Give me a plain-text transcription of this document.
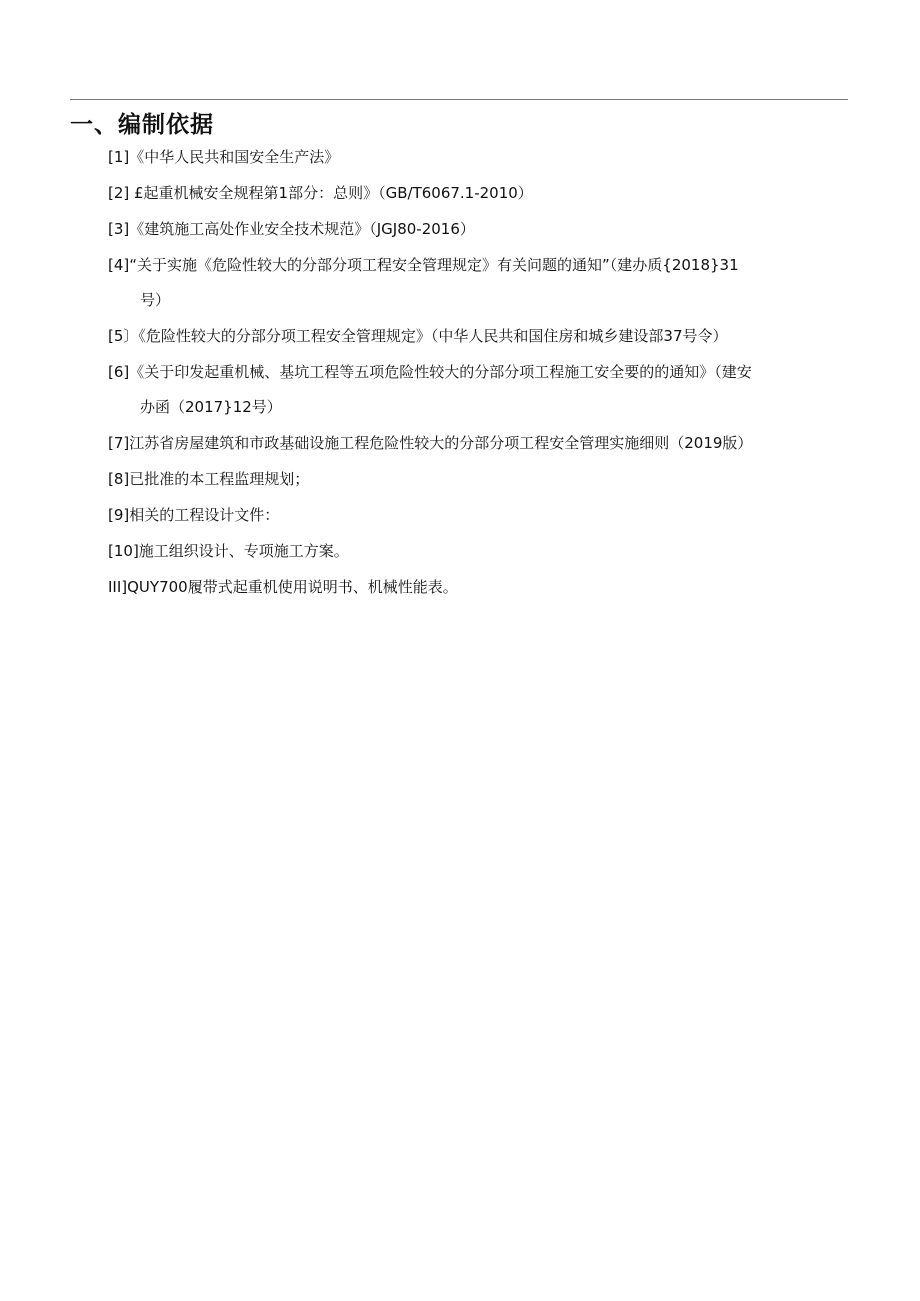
一、编制依据
[1]《中华人民共和国安全生产法》
[2] £起重机械安全规程第1部分：总则》（GB/T6067.1-2010）
[3]《建筑施工高处作业安全技术规范》（JGJ80-2016）
[4]“关于实施《危险性较大的分部分项工程安全管理规定》有关问题的通知”（建办质{2018}31
号）
[5〕《危险性较大的分部分项工程安全管理规定》（中华人民共和国住房和城乡建设部37号令）
[6]《关于印发起重机械、基坑工程等五项危险性较大的分部分项工程施工安全要的的通知》（建安
办函（2017}12号）
[7]江苏省房屋建筑和市政基础设施工程危险性较大的分部分项工程安全管理实施细则（2019版）
[8]已批准的本工程监理规划；
[9]相关的工程设计文件：
[10]施工组织设计、专项施工方案。
III]QUY700履带式起重机使用说明书、机械性能表。
